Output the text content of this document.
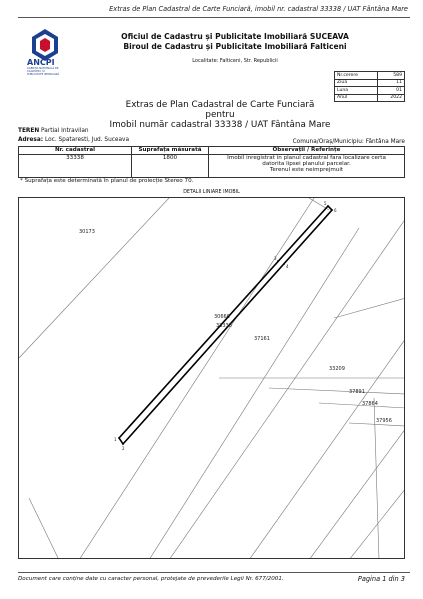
Extras de Plan Cadastral de Carte Funciară, imobil nr. cadastral 33338 / UAT Fântâna Mare
ANCPI
AGENȚIA NAȚIONALĂ DE CADASTRU ȘI PUBLICITATE IMOBILIARĂ
Oficiul de Cadastru și Publicitate Imobiliară SUCEAVA
Biroul de Cadastru și Publicitate Imobiliară Falticeni
Localitate: Falticeni, Str. Republicii
Nr.cerere	589
Ziua	11
Luna	01
Anul	2022
Extras de Plan Cadastral de Carte Funciară
pentru
Imobil număr cadastral 33338 / UAT Fântâna Mare
TEREN Partial Intravilan
Adresa: Loc. Spataresti, Jud. Suceava	Comuna/Oraș/Municipiu: Fântâna Mare
Nr. cadastral	Suprafața măsurată	Observații / Referințe
33338	1800	Imobil inregistrat in planul cadastral fara localizare certa
datorita lipsei planului parcelar.
Terenul este neimprejmuit
* Suprafața este determinată în planul de proiecție Stereo 70.
DETALII LINIARE IMOBIL
1
2
3
4
5
6
30173
30660
33338
37161
33209
37891
37864
37956
Document care conține date cu caracter personal, protejate de prevederile Legii Nr. 677/2001.	Pagina 1 din 3
